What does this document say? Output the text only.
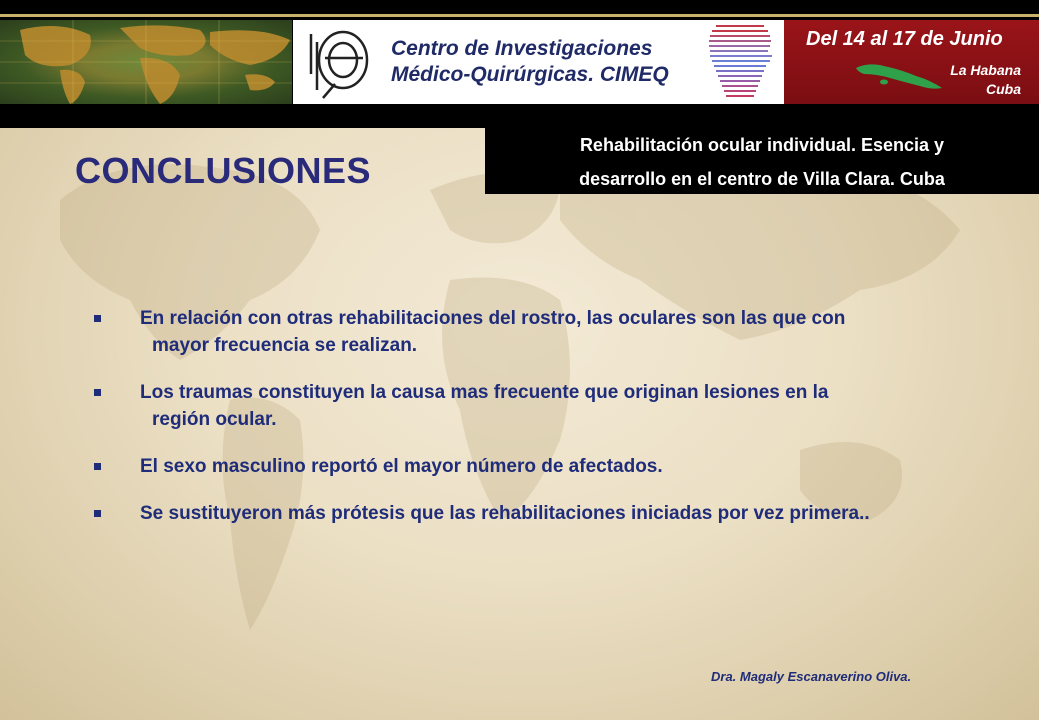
Centro de Investigaciones
Médico-Quirúrgicas. CIMEQ
Del 14 al 17 de Junio
La Habana
Cuba
Rehabilitación ocular individual. Esencia y
desarrollo en el centro de Villa Clara. Cuba
CONCLUSIONES
En relación con otras rehabilitaciones del rostro, las oculares son las que con
mayor frecuencia se realizan.
Los traumas constituyen la causa mas frecuente que originan lesiones en la
región ocular.
El sexo masculino reportó el mayor número de afectados.
Se sustituyeron más prótesis que las rehabilitaciones iniciadas por vez primera..
Dra. Magaly Escanaverino Oliva.
